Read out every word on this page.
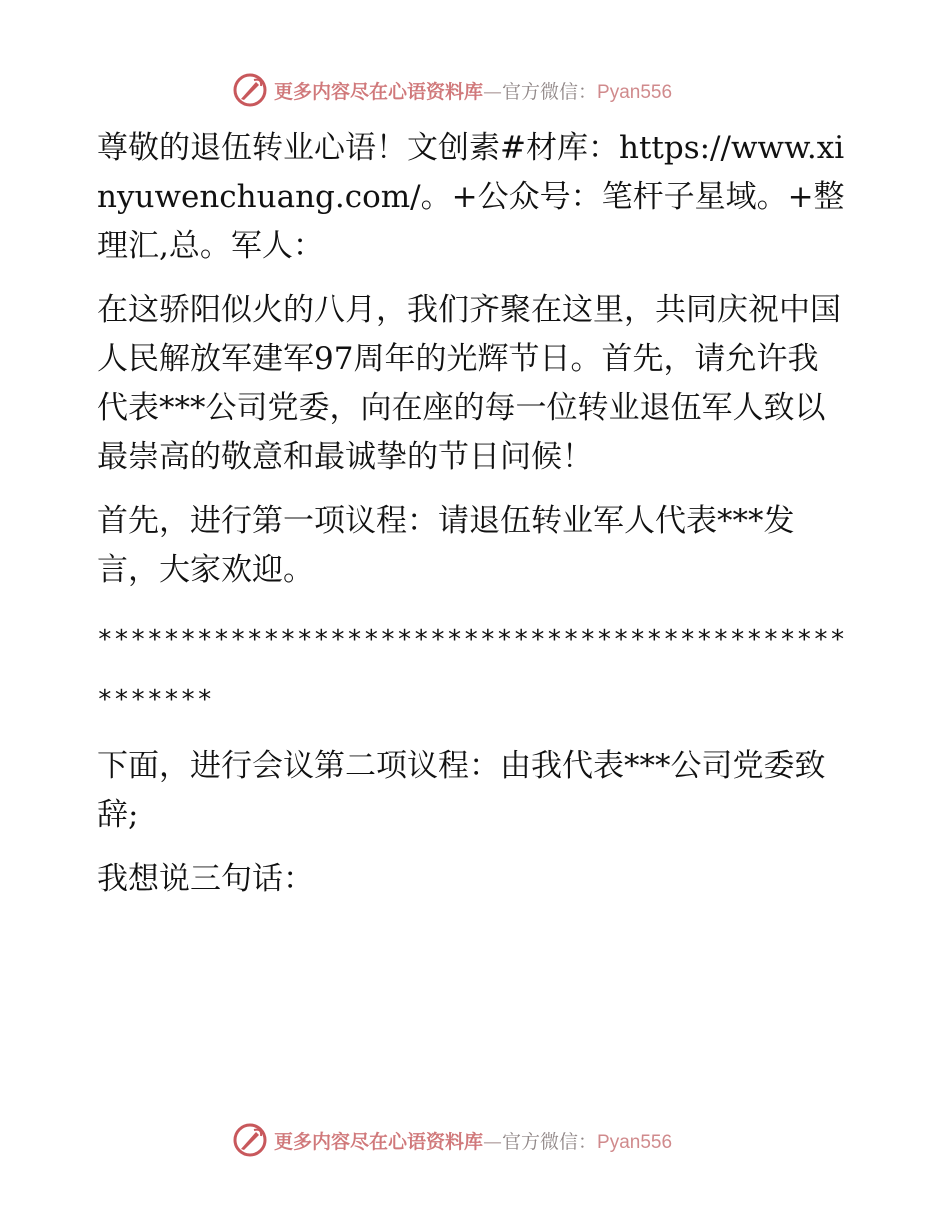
更多内容尽在心语资料库—官方微信：Pyan556

尊敬的退伍转业心语！文创素#材库：https://www.xinyuwenchuang.com/。+公众号：笔杆子星域。+整理汇,总。军人：

在这骄阳似火的八月，我们齐聚在这里，共同庆祝中国人民解放军建军97周年的光辉节日。首先，请允许我代表***公司党委，向在座的每一位转业退伍军人致以最崇高的敬意和最诚挚的节日问候！

首先，进行第一项议程：请退伍转业军人代表***发言，大家欢迎。

****************************************************

下面，进行会议第二项议程：由我代表***公司党委致辞;

我想说三句话：

更多内容尽在心语资料库—官方微信：Pyan556
